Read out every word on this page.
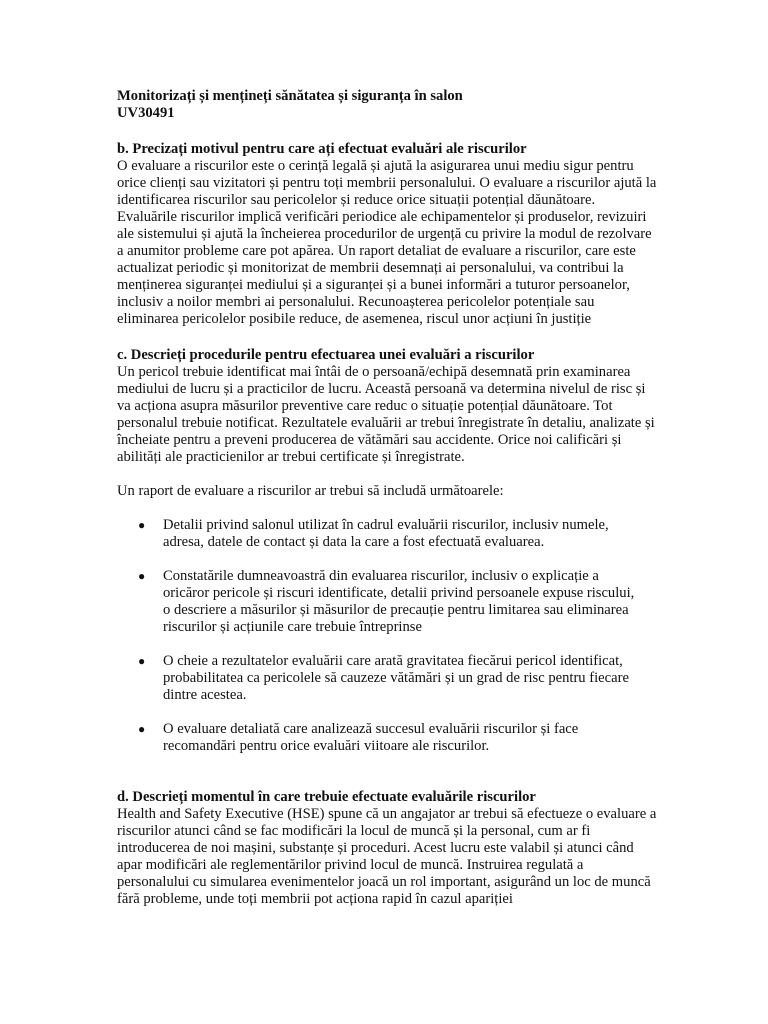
Monitorizați și mențineți sănătatea și siguranța în salon

UV30491

b. Precizați motivul pentru care ați efectuat evaluări ale riscurilor

O evaluare a riscurilor este o cerință legală și ajută la asigurarea unui mediu sigur pentru orice clienți sau vizitatori și pentru toți membrii personalului. O evaluare a riscurilor ajută la identificarea riscurilor sau pericolelor și reduce orice situații potențial dăunătoare. Evaluările riscurilor implică verificări periodice ale echipamentelor și produselor, revizuiri ale sistemului și ajută la încheierea procedurilor de urgență cu privire la modul de rezolvare a anumitor probleme care pot apărea. Un raport detaliat de evaluare a riscurilor, care este actualizat periodic și monitorizat de membrii desemnați ai personalului, va contribui la menținerea siguranței mediului și a siguranței și a bunei informări a tuturor persoanelor, inclusiv a noilor membri ai personalului. Recunoașterea pericolelor potențiale sau eliminarea pericolelor posibile reduce, de asemenea, riscul unor acțiuni în justiție

c. Descrieți procedurile pentru efectuarea unei evaluări a riscurilor

Un pericol trebuie identificat mai întâi de o persoană/echipă desemnată prin examinarea mediului de lucru și a practicilor de lucru. Această persoană va determina nivelul de risc și va acționa asupra măsurilor preventive care reduc o situație potențial dăunătoare. Tot personalul trebuie notificat. Rezultatele evaluării ar trebui înregistrate în detaliu, analizate și încheiate pentru a preveni producerea de vătămări sau accidente. Orice noi calificări și abilități ale practicienilor ar trebui certificate și înregistrate.

Un raport de evaluare a riscurilor ar trebui să includă următoarele:

● Detalii privind salonul utilizat în cadrul evaluării riscurilor, inclusiv numele, adresa, datele de contact și data la care a fost efectuată evaluarea.
● Constatările dumneavoastră din evaluarea riscurilor, inclusiv o explicație a oricăror pericole și riscuri identificate, detalii privind persoanele expuse riscului, o descriere a măsurilor și măsurilor de precauție pentru limitarea sau eliminarea riscurilor și acțiunile care trebuie întreprinse
● O cheie a rezultatelor evaluării care arată gravitatea fiecărui pericol identificat, probabilitatea ca pericolele să cauzeze vătămări și un grad de risc pentru fiecare dintre acestea.
● O evaluare detaliată care analizează succesul evaluării riscurilor și face recomandări pentru orice evaluări viitoare ale riscurilor.

d. Descrieți momentul în care trebuie efectuate evaluările riscurilor

Health and Safety Executive (HSE) spune că un angajator ar trebui să efectueze o evaluare a riscurilor atunci când se fac modificări la locul de muncă și la personal, cum ar fi introducerea de noi mașini, substanțe și proceduri. Acest lucru este valabil și atunci când apar modificări ale reglementărilor privind locul de muncă. Instruirea regulată a personalului cu simularea evenimentelor joacă un rol important, asigurând un loc de muncă fără probleme, unde toți membrii pot acționa rapid în cazul apariției
